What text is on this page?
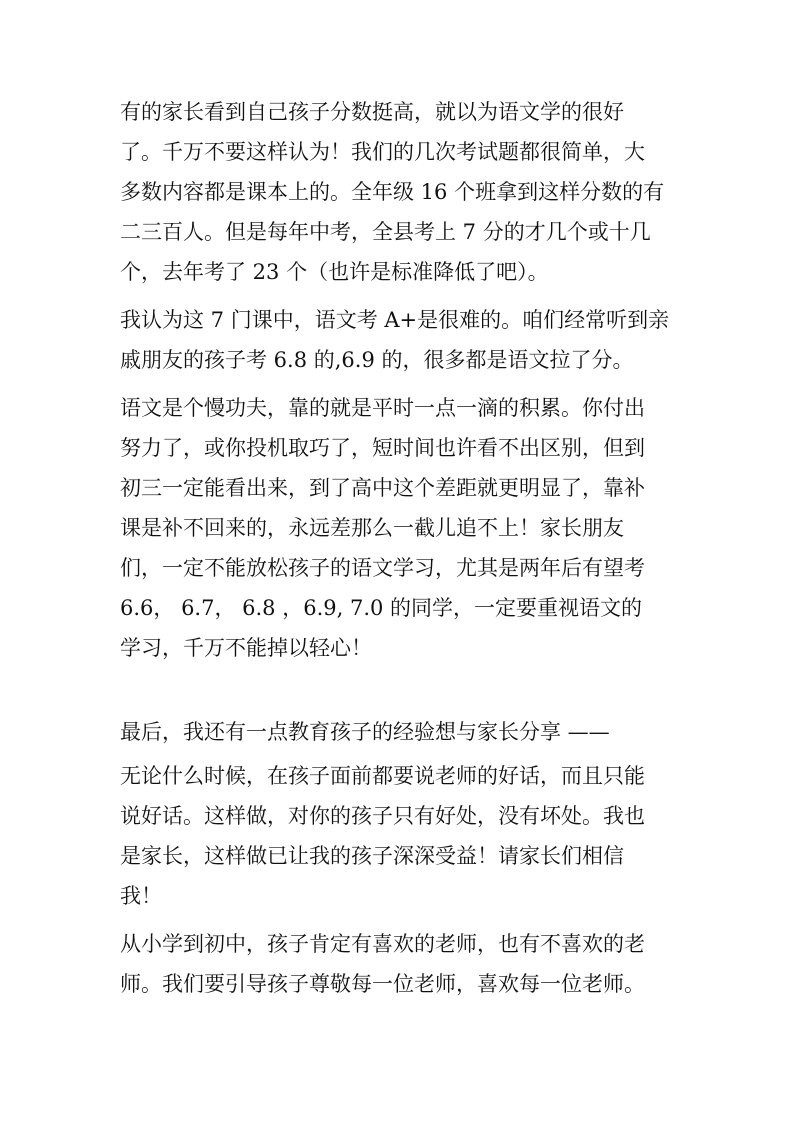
有的家长看到自己孩子分数挺高，就以为语文学的很好
了。千万不要这样认为！我们的几次考试题都很简单，大
多数内容都是课本上的。全年级 16 个班拿到这样分数的有
二三百人。但是每年中考，全县考上 7 分的才几个或十几
个，去年考了 23 个（也许是标准降低了吧）。
我认为这 7 门课中，语文考 A+是很难的。咱们经常听到亲
戚朋友的孩子考 6.8 的,6.9 的，很多都是语文拉了分。
语文是个慢功夫，靠的就是平时一点一滴的积累。你付出
努力了，或你投机取巧了，短时间也许看不出区别，但到
初三一定能看出来，到了高中这个差距就更明显了，靠补
课是补不回来的，永远差那么一截儿追不上！家长朋友
们，一定不能放松孩子的语文学习，尤其是两年后有望考
6.6， 6.7， 6.8 ，6.9, 7.0 的同学，一定要重视语文的
学习，千万不能掉以轻心！
最后，我还有一点教育孩子的经验想与家长分享 ——
无论什么时候，在孩子面前都要说老师的好话，而且只能
说好话。这样做，对你的孩子只有好处，没有坏处。我也
是家长，这样做已让我的孩子深深受益！请家长们相信
我！
从小学到初中，孩子肯定有喜欢的老师，也有不喜欢的老
师。我们要引导孩子尊敬每一位老师，喜欢每一位老师。
